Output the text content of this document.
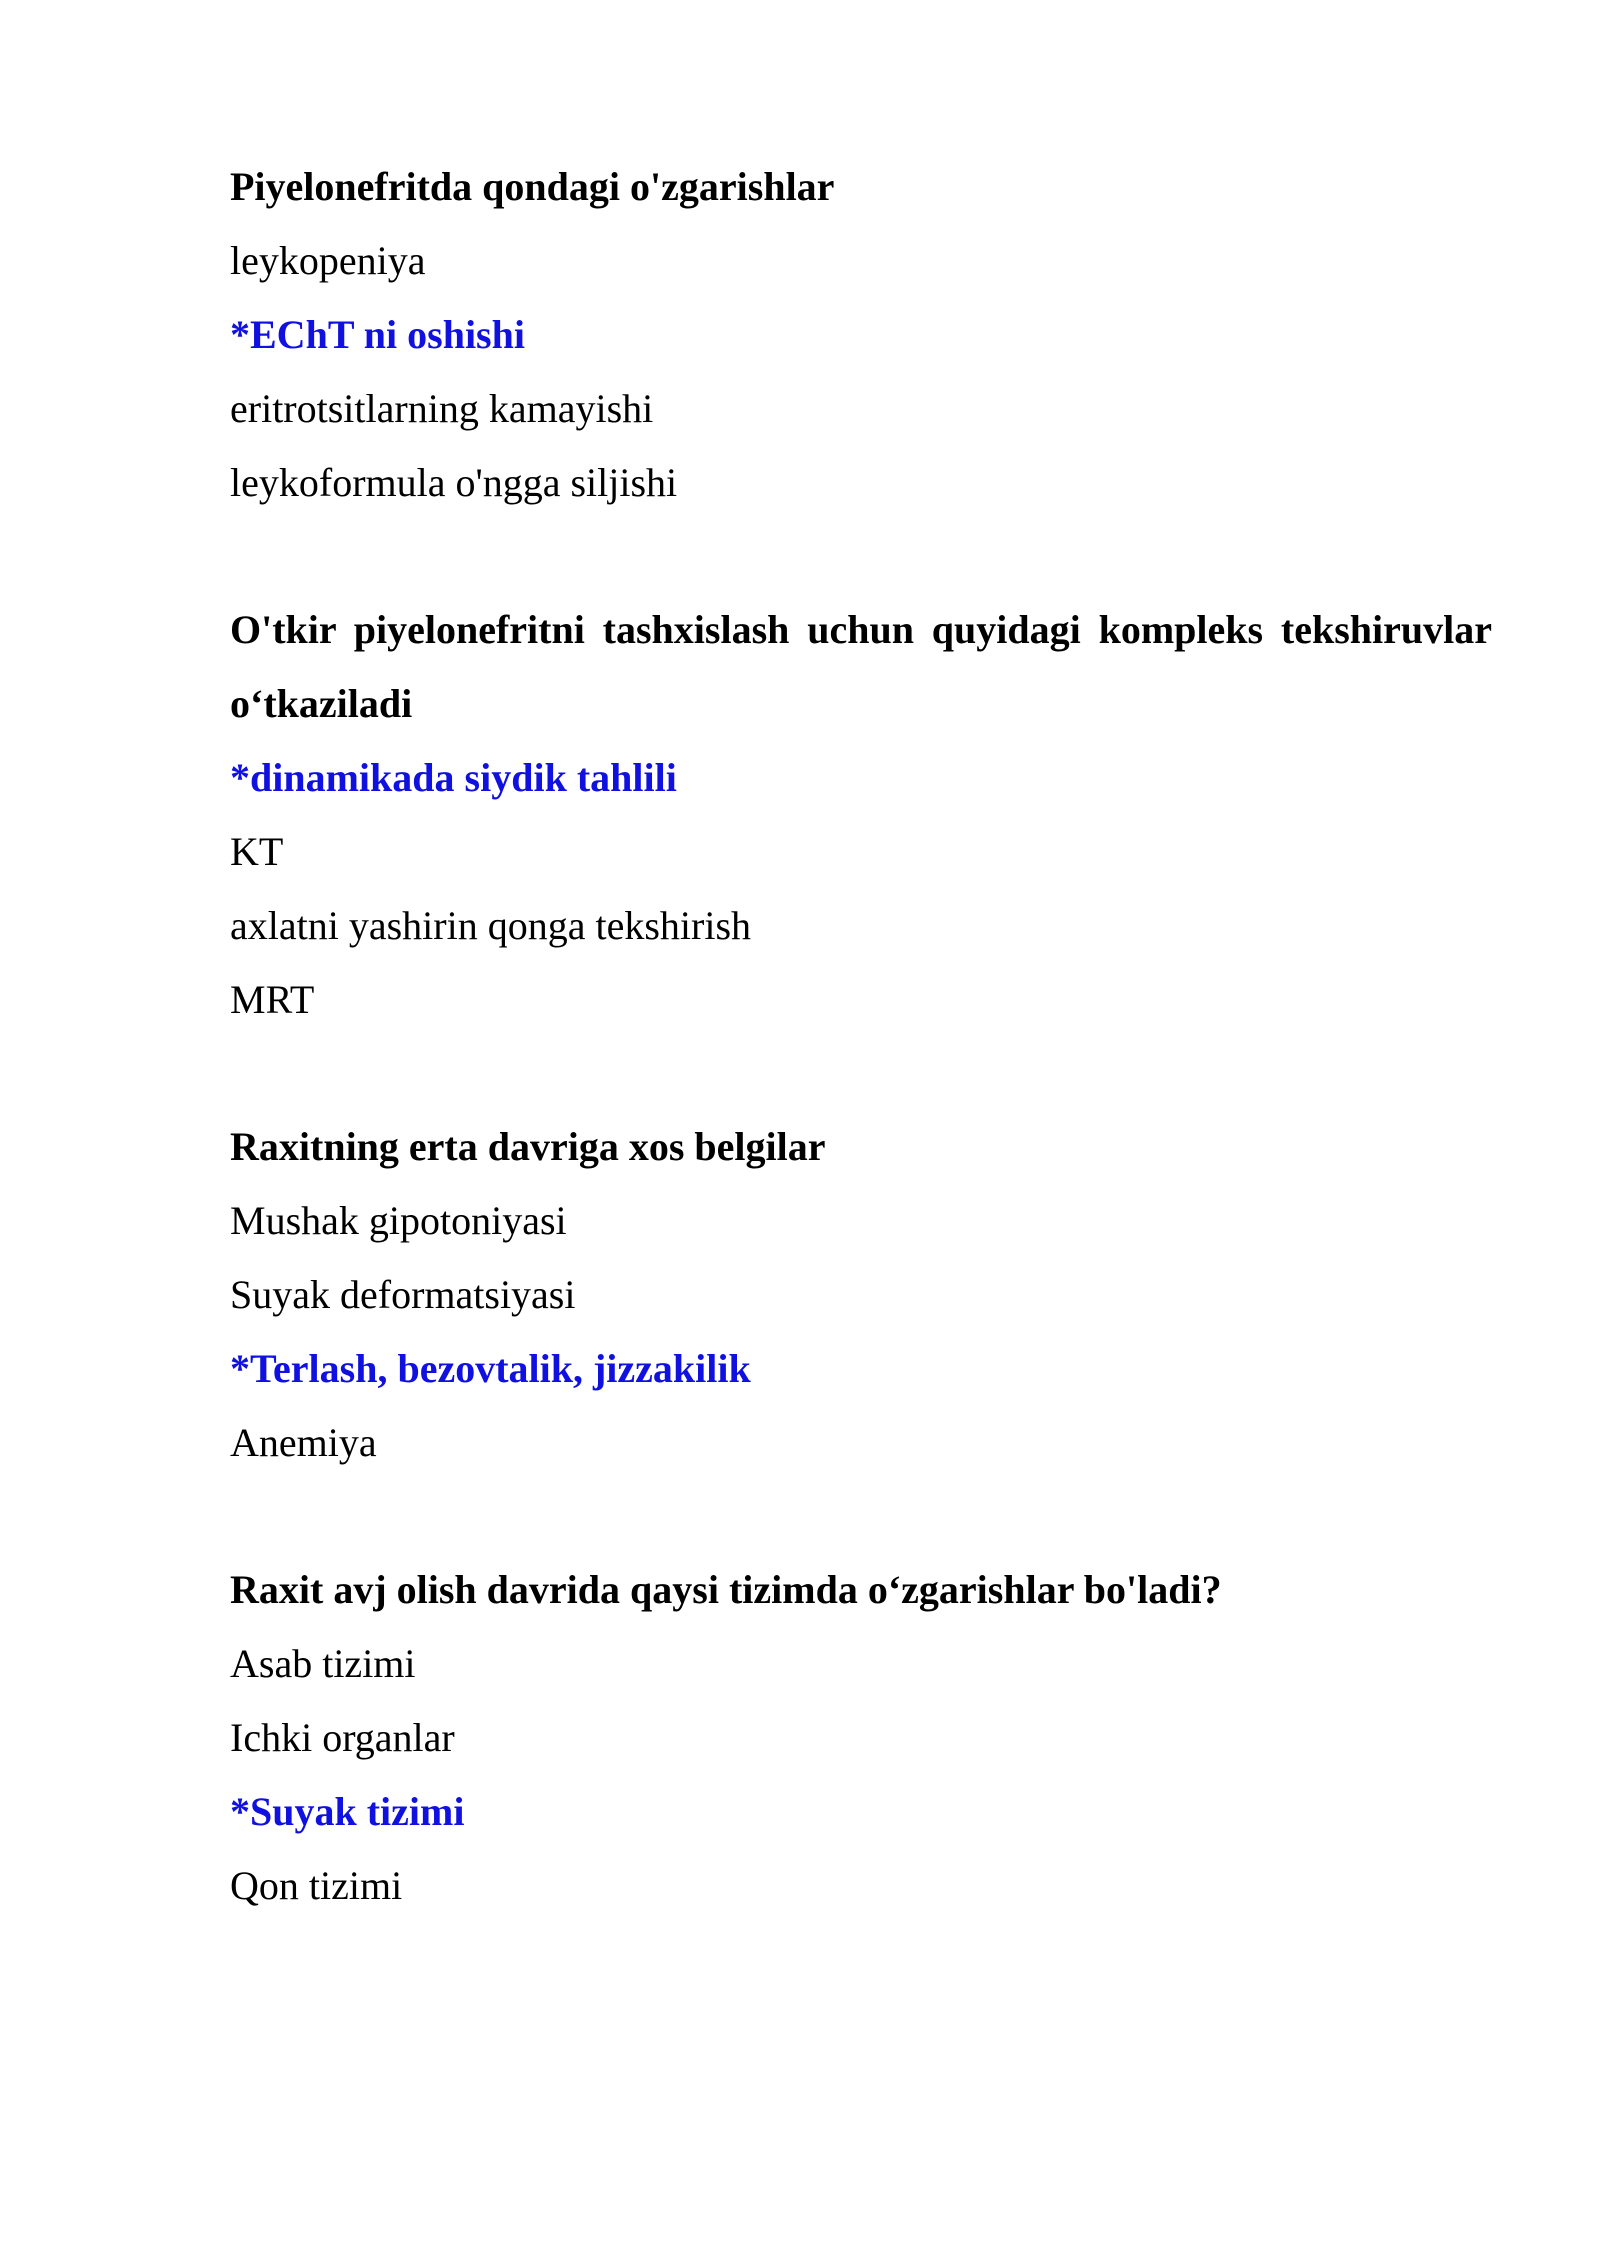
Piyelonefritda qondagi o'zgarishlar

leykopeniya
*EChT ni oshishi
eritrotsitlarning kamayishi
leykoformula o'ngga siljishi

O'tkir piyelonefritni tashxislash uchun quyidagi kompleks tekshiruvlar o‘tkaziladi

*dinamikada siydik tahlili
KT
axlatni yashirin qonga tekshirish
MRT

Raxitning erta davriga xos belgilar

Mushak gipotoniyasi
Suyak deformatsiyasi
*Terlash, bezovtalik, jizzakilik
Anemiya

Raxit avj olish davrida qaysi tizimda o‘zgarishlar bo'ladi?

Asab tizimi
Ichki organlar
*Suyak tizimi
Qon tizimi
